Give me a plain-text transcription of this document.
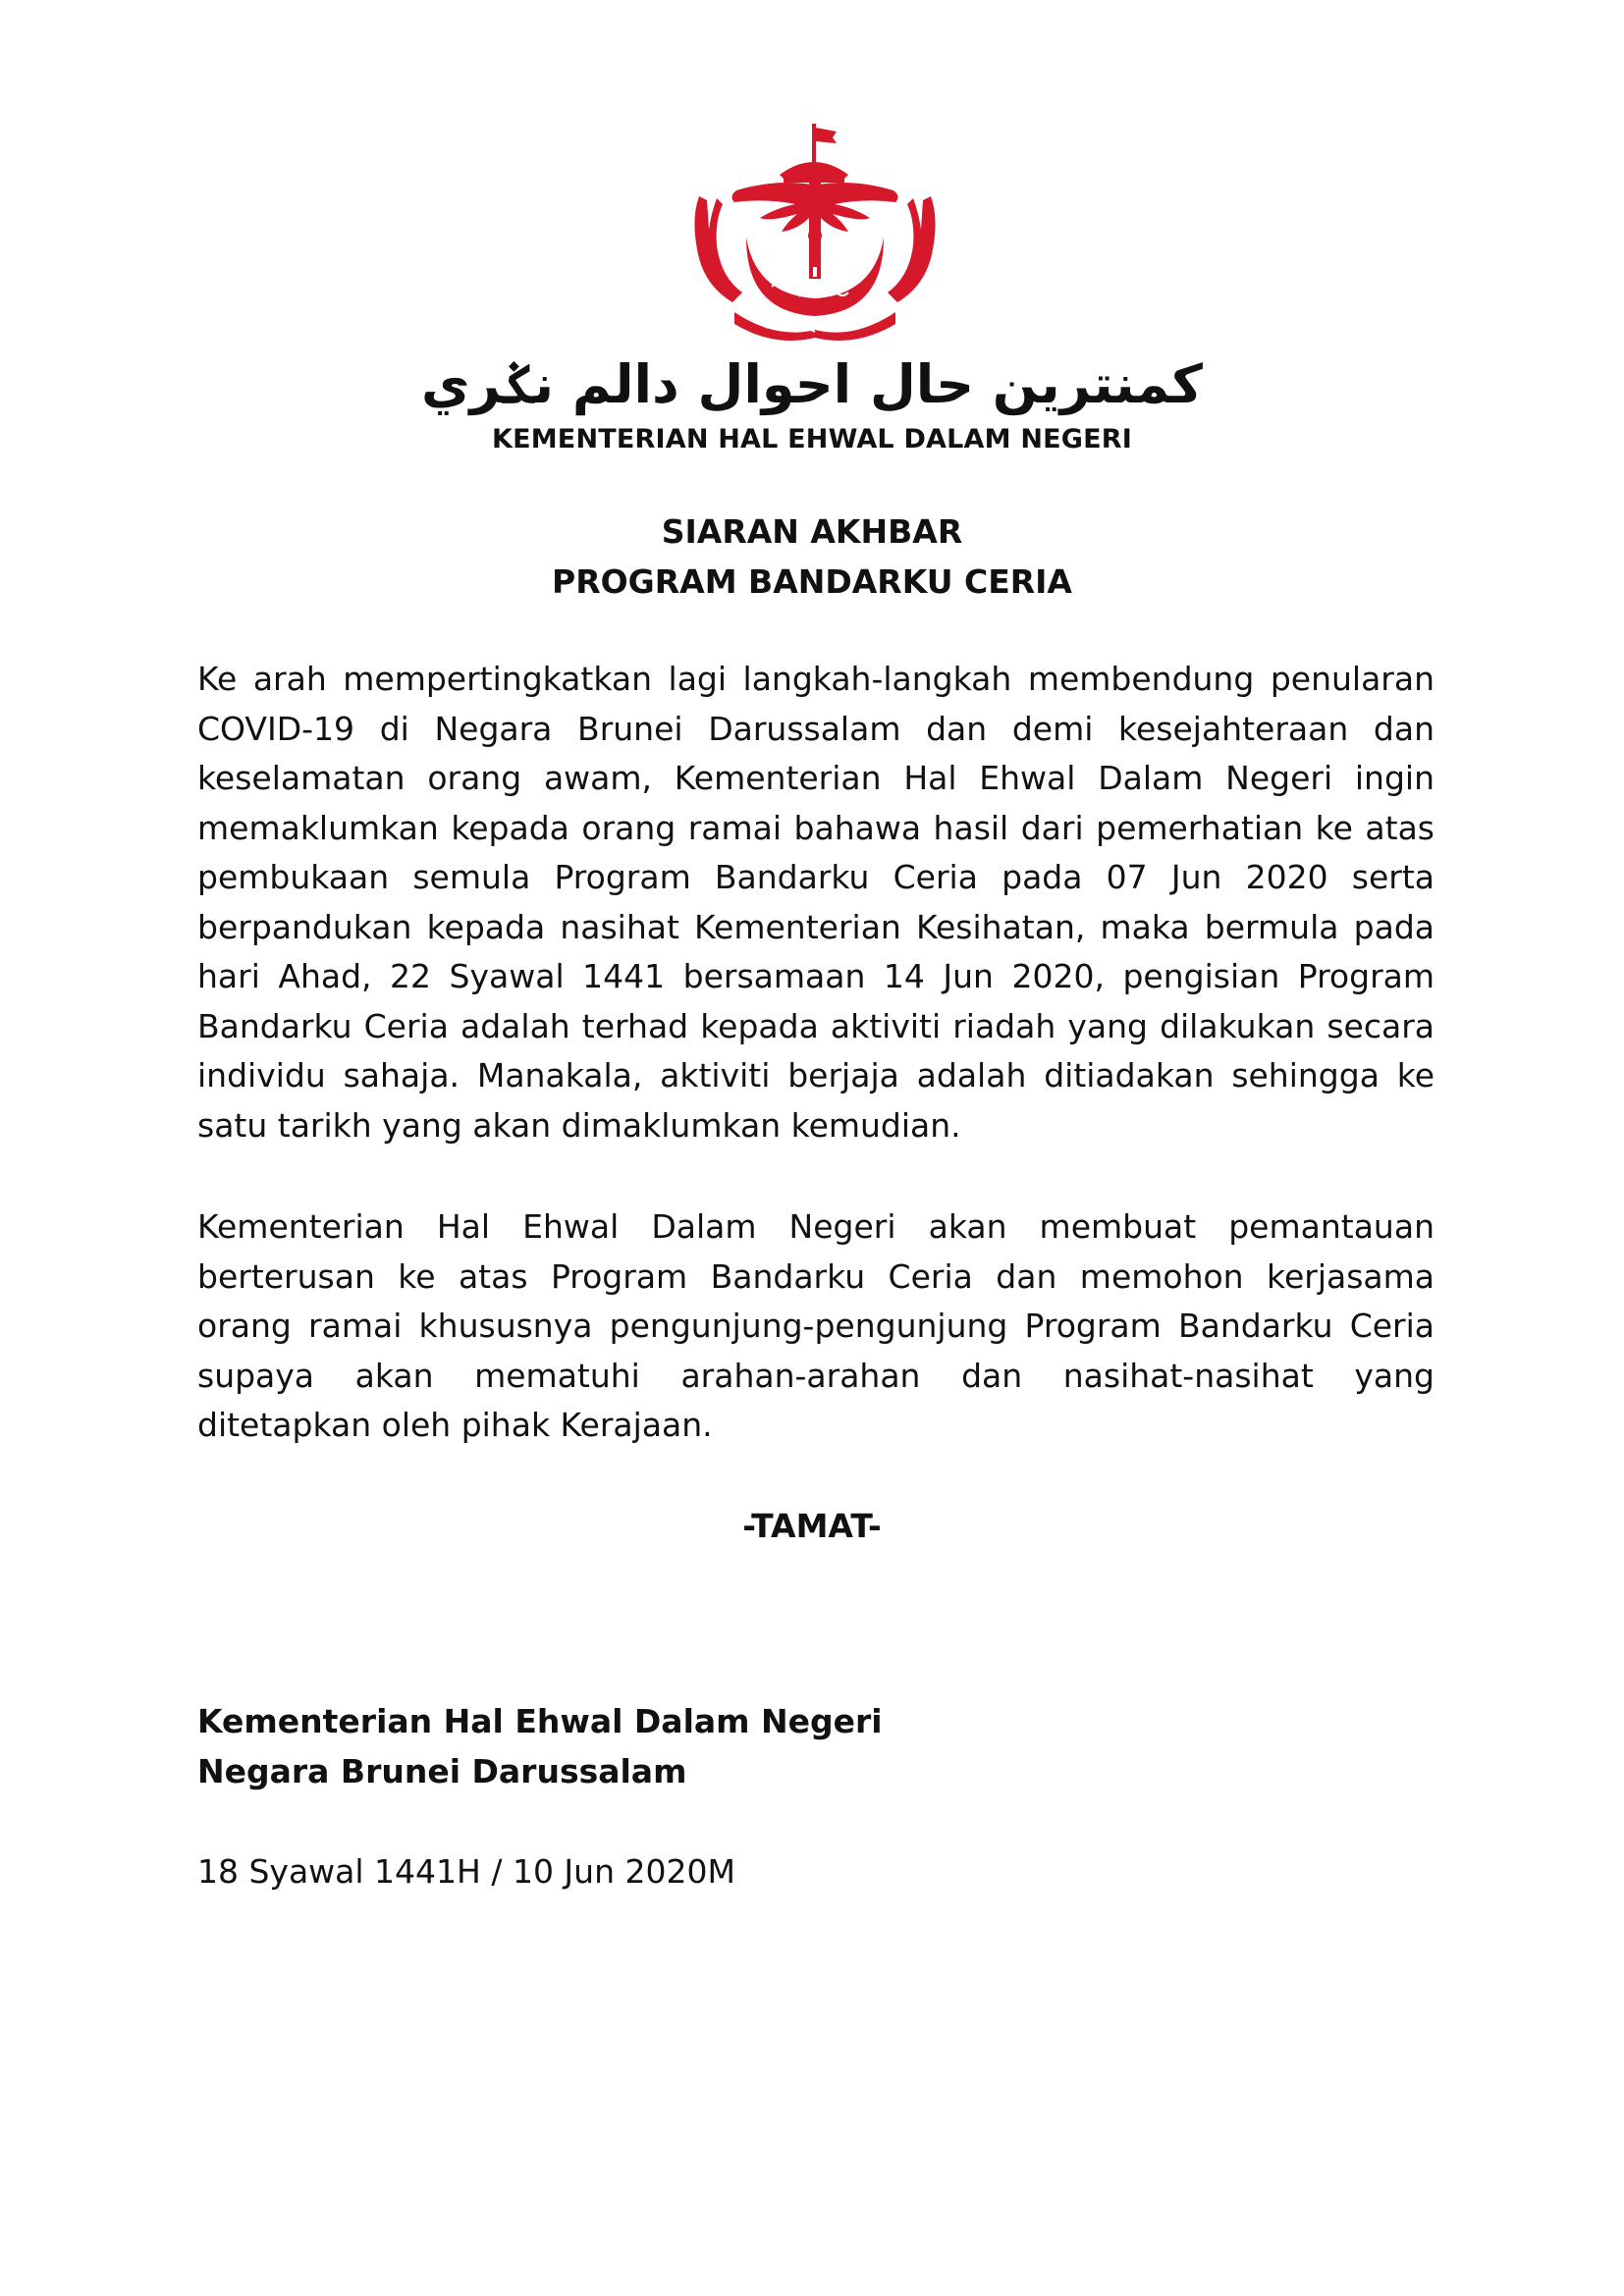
كمنترين حال احوال دالم نݢري
KEMENTERIAN HAL EHWAL DALAM NEGERI
SIARAN AKHBAR
PROGRAM BANDARKU CERIA

Ke arah mempertingkatkan lagi langkah-langkah membendung penularan COVID-19 di Negara Brunei Darussalam dan demi kesejahteraan dan keselamatan orang awam, Kementerian Hal Ehwal Dalam Negeri ingin memaklumkan kepada orang ramai bahawa hasil dari pemerhatian ke atas pembukaan semula Program Bandarku Ceria pada 07 Jun 2020 serta berpandukan kepada nasihat Kementerian Kesihatan, maka bermula pada hari Ahad, 22 Syawal 1441 bersamaan 14 Jun 2020, pengisian Program Bandarku Ceria adalah terhad kepada aktiviti riadah yang dilakukan secara individu sahaja. Manakala, aktiviti berjaja adalah ditiadakan sehingga ke satu tarikh yang akan dimaklumkan kemudian.

Kementerian Hal Ehwal Dalam Negeri akan membuat pemantauan berterusan ke atas Program Bandarku Ceria dan memohon kerjasama orang ramai khususnya pengunjung-pengunjung Program Bandarku Ceria supaya akan mematuhi arahan-arahan dan nasihat-nasihat yang ditetapkan oleh pihak Kerajaan.

-TAMAT-
Kementerian Hal Ehwal Dalam Negeri
Negara Brunei Darussalam
18 Syawal 1441H / 10 Jun 2020M
